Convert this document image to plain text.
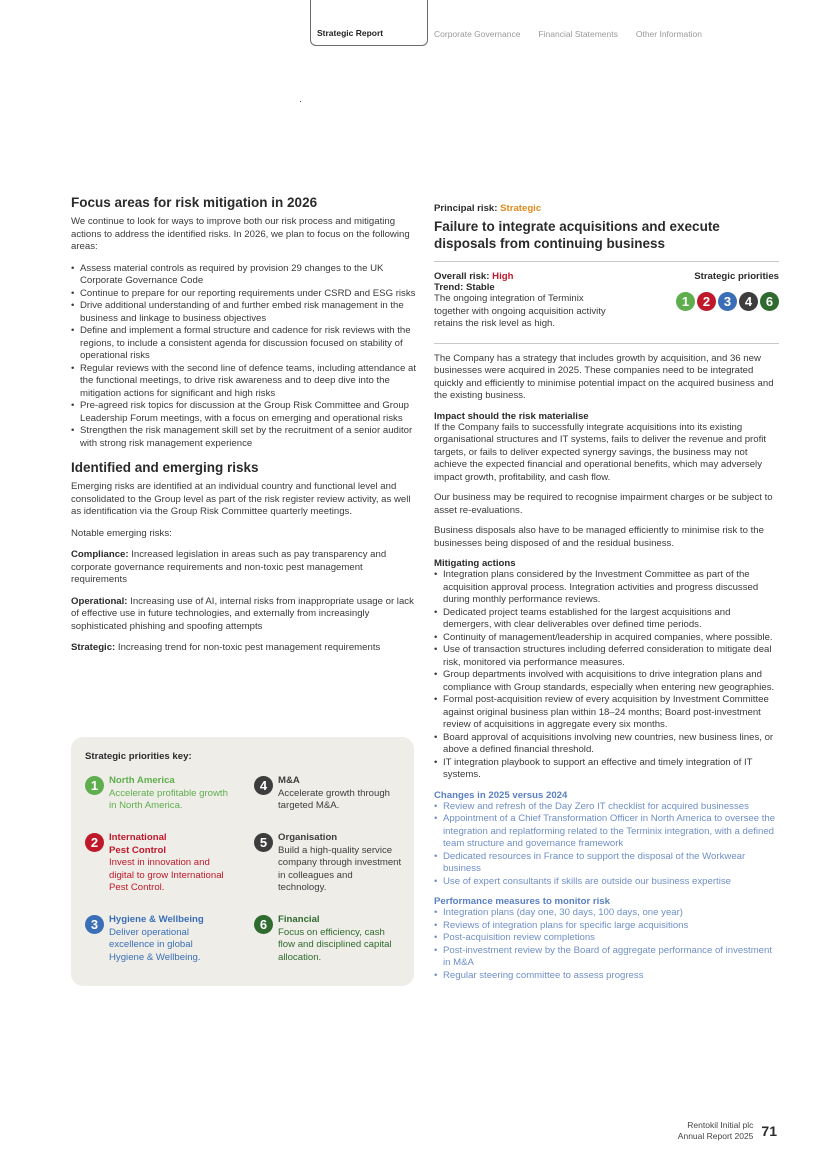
Strategic Report	Corporate Governance Financial Statements Other Information
Focus areas for risk mitigation in 2026

We continue to look for ways to improve both our risk process and mitigating actions to address the identified risks. In 2026, we plan to focus on the following areas:

• Assess material controls as required by provision 29 changes to the UK Corporate Governance Code
• Continue to prepare for our reporting requirements under CSRD and ESG risks
• Drive additional understanding of and further embed risk management in the business and linkage to business objectives
• Define and implement a formal structure and cadence for risk reviews with the regions, to include a consistent agenda for discussion focused on stability of operational risks
• Regular reviews with the second line of defence teams, including attendance at the functional meetings, to drive risk awareness and to deep dive into the mitigation actions for significant and high risks
• Pre-agreed risk topics for discussion at the Group Risk Committee and Group Leadership Forum meetings, with a focus on emerging and operational risks
• Strengthen the risk management skill set by the recruitment of a senior auditor with strong risk management experience
Identified and emerging risks

Emerging risks are identified at an individual country and functional level and consolidated to the Group level as part of the risk register review activity, as well as identification via the Group Risk Committee quarterly meetings.

Notable emerging risks:

Compliance: Increased legislation in areas such as pay transparency and corporate governance requirements and non-toxic pest management requirements

Operational: Increasing use of AI, internal risks from inappropriate usage or lack of effective use in future technologies, and externally from increasingly sophisticated phishing and spoofing attempts

Strategic: Increasing trend for non-toxic pest management requirements

Strategic priorities key:
1	North America
Accelerate profitable growth in North America.
2	International Pest Control
Invest in innovation and digital to grow International Pest Control.
3	Hygiene & Wellbeing
Deliver operational excellence in global Hygiene & Wellbeing.
4	M&A
Accelerate growth through targeted M&A.
5	Organisation
Build a high-quality service company through investment in colleagues and technology.
6	Financial
Focus on efficiency, cash flow and disciplined capital allocation.
Principal risk: Strategic
Failure to integrate acquisitions and execute disposals from continuing business
Overall risk: High
Trend: Stable

The ongoing integration of Terminix together with ongoing acquisition activity retains the risk level as high.

Strategic priorities
1	2	3	4	6

The Company has a strategy that includes growth by acquisition, and 36 new businesses were acquired in 2025. These companies need to be integrated quickly and efficiently to minimise potential impact on the acquired business and the existing business.

Impact should the risk materialise

If the Company fails to successfully integrate acquisitions into its existing organisational structures and IT systems, fails to deliver the revenue and profit targets, or fails to deliver expected synergy savings, the business may not achieve the expected financial and operational benefits, which may adversely impact growth, profitability, and cash flow.

Our business may be required to recognise impairment charges or be subject to asset re-evaluations.

Business disposals also have to be managed efficiently to minimise risk to the businesses being disposed of and the residual business.

Mitigating actions
• Integration plans considered by the Investment Committee as part of the acquisition approval process. Integration activities and progress discussed during monthly performance reviews.
• Dedicated project teams established for the largest acquisitions and demergers, with clear deliverables over defined time periods.
• Continuity of management/leadership in acquired companies, where possible.
• Use of transaction structures including deferred consideration to mitigate deal risk, monitored via performance measures.
• Group departments involved with acquisitions to drive integration plans and compliance with Group standards, especially when entering new geographies.
• Formal post-acquisition review of every acquisition by Investment Committee against original business plan within 18–24 months; Board post-investment review of acquisitions in aggregate every six months.
• Board approval of acquisitions involving new countries, new business lines, or above a defined financial threshold.
• IT integration playbook to support an effective and timely integration of IT systems.
Changes in 2025 versus 2024
• Review and refresh of the Day Zero IT checklist for acquired businesses
• Appointment of a Chief Transformation Officer in North America to oversee the integration and replatforming related to the Terminix integration, with a defined team structure and governance framework
• Dedicated resources in France to support the disposal of the Workwear business
• Use of expert consultants if skills are outside our business expertise
Performance measures to monitor risk
• Integration plans (day one, 30 days, 100 days, one year)
• Reviews of integration plans for specific large acquisitions
• Post-acquisition review completions
• Post-investment review by the Board of aggregate performance of investment in M&A
• Regular steering committee to assess progress
Rentokil Initial plc
Annual Report 2025 71
